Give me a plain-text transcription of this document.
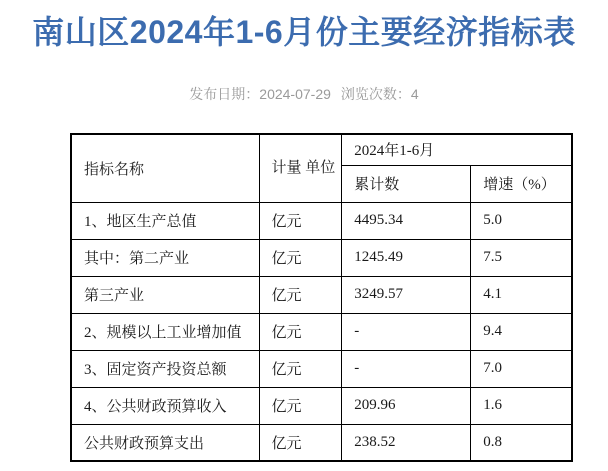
南山区2024年1-6月份主要经济指标表
发布日期：2024-07-29 浏览次数：4
指标名称	计量 单位	2024年1-6月	
		累计数	增速（%）
1、地区生产总值	亿元	4495.34	5.0
其中：第二产业	亿元	1245.49	7.5
第三产业	亿元	3249.57	4.1
2、规模以上工业增加值	亿元	-	9.4
3、固定资产投资总额	亿元	-	7.0
4、公共财政预算收入	亿元	209.96	1.6
公共财政预算支出	亿元	238.52	0.8
